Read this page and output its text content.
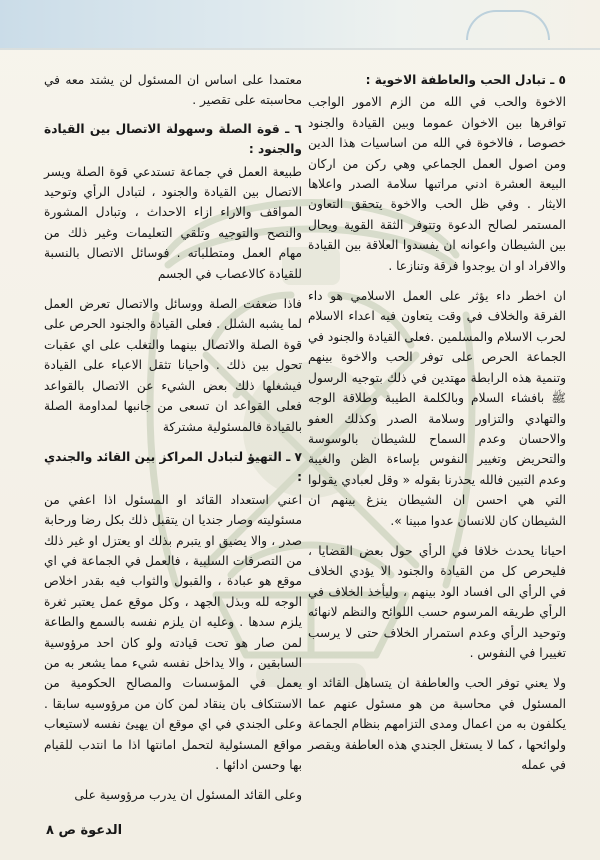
٥ ـ تبادل الحب والعاطفة الاخوية :
الاخوة والحب في الله من الزم الامور الواجب توافرها بين الاخوان عموما وبين القيادة والجنود خصوصا ، فالاخوة في الله من اساسيات هذا الدين ومن اصول العمل الجماعي وهي ركن من اركان البيعة العشرة ادني مراتبها سلامة الصدر واعلاها الايثار . وفي ظل الحب والاخوة يتحقق التعاون المستمر لصالح الدعوة وتتوفر الثقة القوية ويحال بين الشيطان واعوانه ان يفسدوا العلاقة بين القيادة والافراد او ان يوجدوا فرقة وتنازعا .
ان اخطر داء يؤثر على العمل الاسلامي هو داء الفرقة والخلاف في وقت يتعاون فيه اعداء الاسلام لحرب الاسلام والمسلمين .فعلى القيادة والجنود في الجماعة الحرص على توفر الحب والاخوة بينهم وتنمية هذه الرابطة مهتدين في ذلك بتوجيه الرسول ﷺ بافشاء السلام وبالكلمة الطيبة وطلاقة الوجه والتهادي والتزاور وسلامة الصدر وكذلك العفو والاحسان وعدم السماح للشيطان بالوسوسة والتحريض وتغيير النفوس بإساءة الظن والغيبة وعدم التبين فالله يحذرنا بقوله « وقل لعبادي يقولوا التي هي احسن ان الشيطان ينزغ بينهم ان الشيطان كان للانسان عدوا مبينا ».
احيانا يحدث خلافا في الرأي حول بعض القضايا ، فليحرص كل من القيادة والجنود الا يؤدي الخلاف في الرأي الى افساد الود بينهم ، وليأخذ الخلاف في الرأي طريقه المرسوم حسب اللوائح والنظم لانهائه وتوحيد الرأي وعدم استمرار الخلاف حتى لا يرسب تغييرا في النفوس .
ولا يعني توفر الحب والعاطفة ان يتساهل القائد او المسئول في محاسبة من هو مسئول عنهم عما يكلفون به من اعمال ومدى التزامهم بنظام الجماعة ولوائحها ، كما لا يستغل الجندي هذه العاطفة ويقصر في عمله
معتمدا على اساس ان المسئول لن يشتد معه في محاسبته على تقصير .
٦ ـ قوة الصلة وسهولة الاتصال بين القيادة والجنود :
طبيعة العمل في جماعة تستدعي قوة الصلة ويسر الاتصال بين القيادة والجنود ، لتبادل الرأي وتوحيد المواقف والاراء ازاء الاحداث ، وتبادل المشورة والنصح والتوجيه وتلقي التعليمات وغير ذلك من مهام العمل ومتطلباته . فوسائل الاتصال بالنسبة للقيادة كالاعصاب في الجسم
فاذا ضعفت الصلة ووسائل والاتصال تعرض العمل لما يشبه الشلل . فعلى القيادة والجنود الحرص على قوة الصلة والاتصال بينهما والتغلب على اي عقبات تحول بين ذلك . واحيانا تثقل الاعباء على القيادة فيشغلها ذلك بعض الشيء عن الاتصال بالقواعد فعلى القواعد ان تسعى من جانبها لمداومة الصلة بالقيادة فالمسئولية مشتركة
٧ ـ التهيؤ لتبادل المراكز بين القائد والجندي :
اعني استعداد القائد او المسئول اذا اعفي من مسئوليته وصار جنديا ان يتقبل ذلك بكل رضا ورحابة صدر ، والا يضيق او يتبرم بذلك او يعتزل او غير ذلك من التصرفات السلبية ، فالعمل في الجماعة في اي موقع هو عبادة ، والقبول والثواب فيه بقدر اخلاص الوجه لله وبذل الجهد ، وكل موقع عمل يعتبر ثغرة يلزم سدها . وعليه ان يلزم نفسه بالسمع والطاعة لمن صار هو تحت قيادته ولو كان احد مرؤوسية السابقين ، والا يداخل نفسه شيء مما يشعر به من يعمل في المؤسسات والمصالح الحكومية من الاستنكاف بان ينقاد لمن كان من مرؤوسيه سابقا . وعلى الجندي في اي موقع ان يهيئ نفسه لاستيعاب مواقع المسئولية لتحمل امانتها اذا ما انتدب للقيام بها وحسن ادائها .
وعلى القائد المسئول ان يدرب مرؤوسية على
الدعوة ص ٨
